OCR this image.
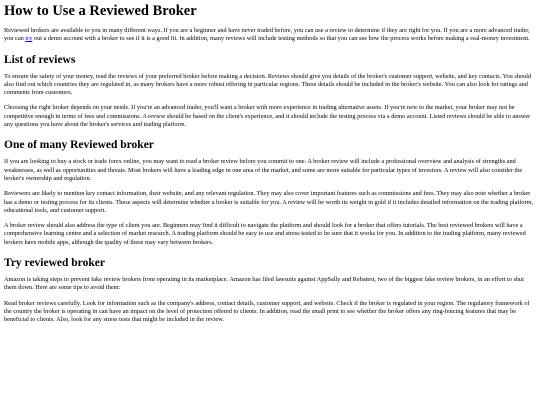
How to Use a Reviewed Broker

Reviewed brokers are available to you in many different ways. If you are a beginner and have never traded before, you can use a review to determine if they are right for you. If you are a more advanced trader, you can try out a demo account with a broker to see if it is a good fit. In addition, many reviews will include testing methods so that you can see how the process works before making a real-money investment.

List of reviews

To ensure the safety of your money, read the reviews of your preferred broker before making a decision. Reviews should give you details of the broker's customer support, website, and key contacts. You should also find out which countries they are regulated in, as many brokers have a more robust offering in particular regions. These details should be included in the broker's website. You can also look for ratings and comments from customers.

Choosing the right broker depends on your needs. If you're an advanced trader, you'll want a broker with more experience in trading alternative assets. If you're new to the market, your broker may not be competitive enough in terms of fees and commissions. A review should be based on the client's experience, and it should include the testing process via a demo account. Listed reviews should be able to answer any questions you have about the broker's services and trading platform.

One of many Reviewed broker

If you are looking to buy a stock or trade forex online, you may want to read a broker review before you commit to one. A broker review will include a professional overview and analysis of strengths and weaknesses, as well as opportunities and threats. Most brokers will have a leading edge in one area of the market, and some are more suitable for particular types of investors. A review will also consider the broker's ownership and regulation.

Reviewers are likely to mention key contact information, their website, and any relevant regulation. They may also cover important features such as commissions and fees. They may also note whether a broker has a demo or testing process for its clients. These aspects will determine whether a broker is suitable for you. A review will be worth its weight in gold if it includes detailed information on the trading platform, educational tools, and customer support.

A broker review should also address the type of client you are. Beginners may find it difficult to navigate the platform and should look for a broker that offers tutorials. The best reviewed brokers will have a comprehensive learning centre and a selection of market research. A trading platform should be easy to use and stress tested to be sure that it works for you. In addition to the trading platform, many reviewed brokers have mobile apps, although the quality of these may vary between brokers.

Try reviewed broker

Amazon is taking steps to prevent fake review brokers from operating in its marketplace. Amazon has filed lawsuits against AppSally and Rebatest, two of the biggest fake review brokers, in an effort to shut them down. Here are some tips to avoid them:

Read broker reviews carefully. Look for information such as the company's address, contact details, customer support, and website. Check if the broker is regulated in your region. The regulatory framework of the country the broker is operating in can have an impact on the level of protection offered to clients. In addition, read the small print to see whether the broker offers any ring-fencing features that may be beneficial to clients. Also, look for any stress tests that might be included in the review.
